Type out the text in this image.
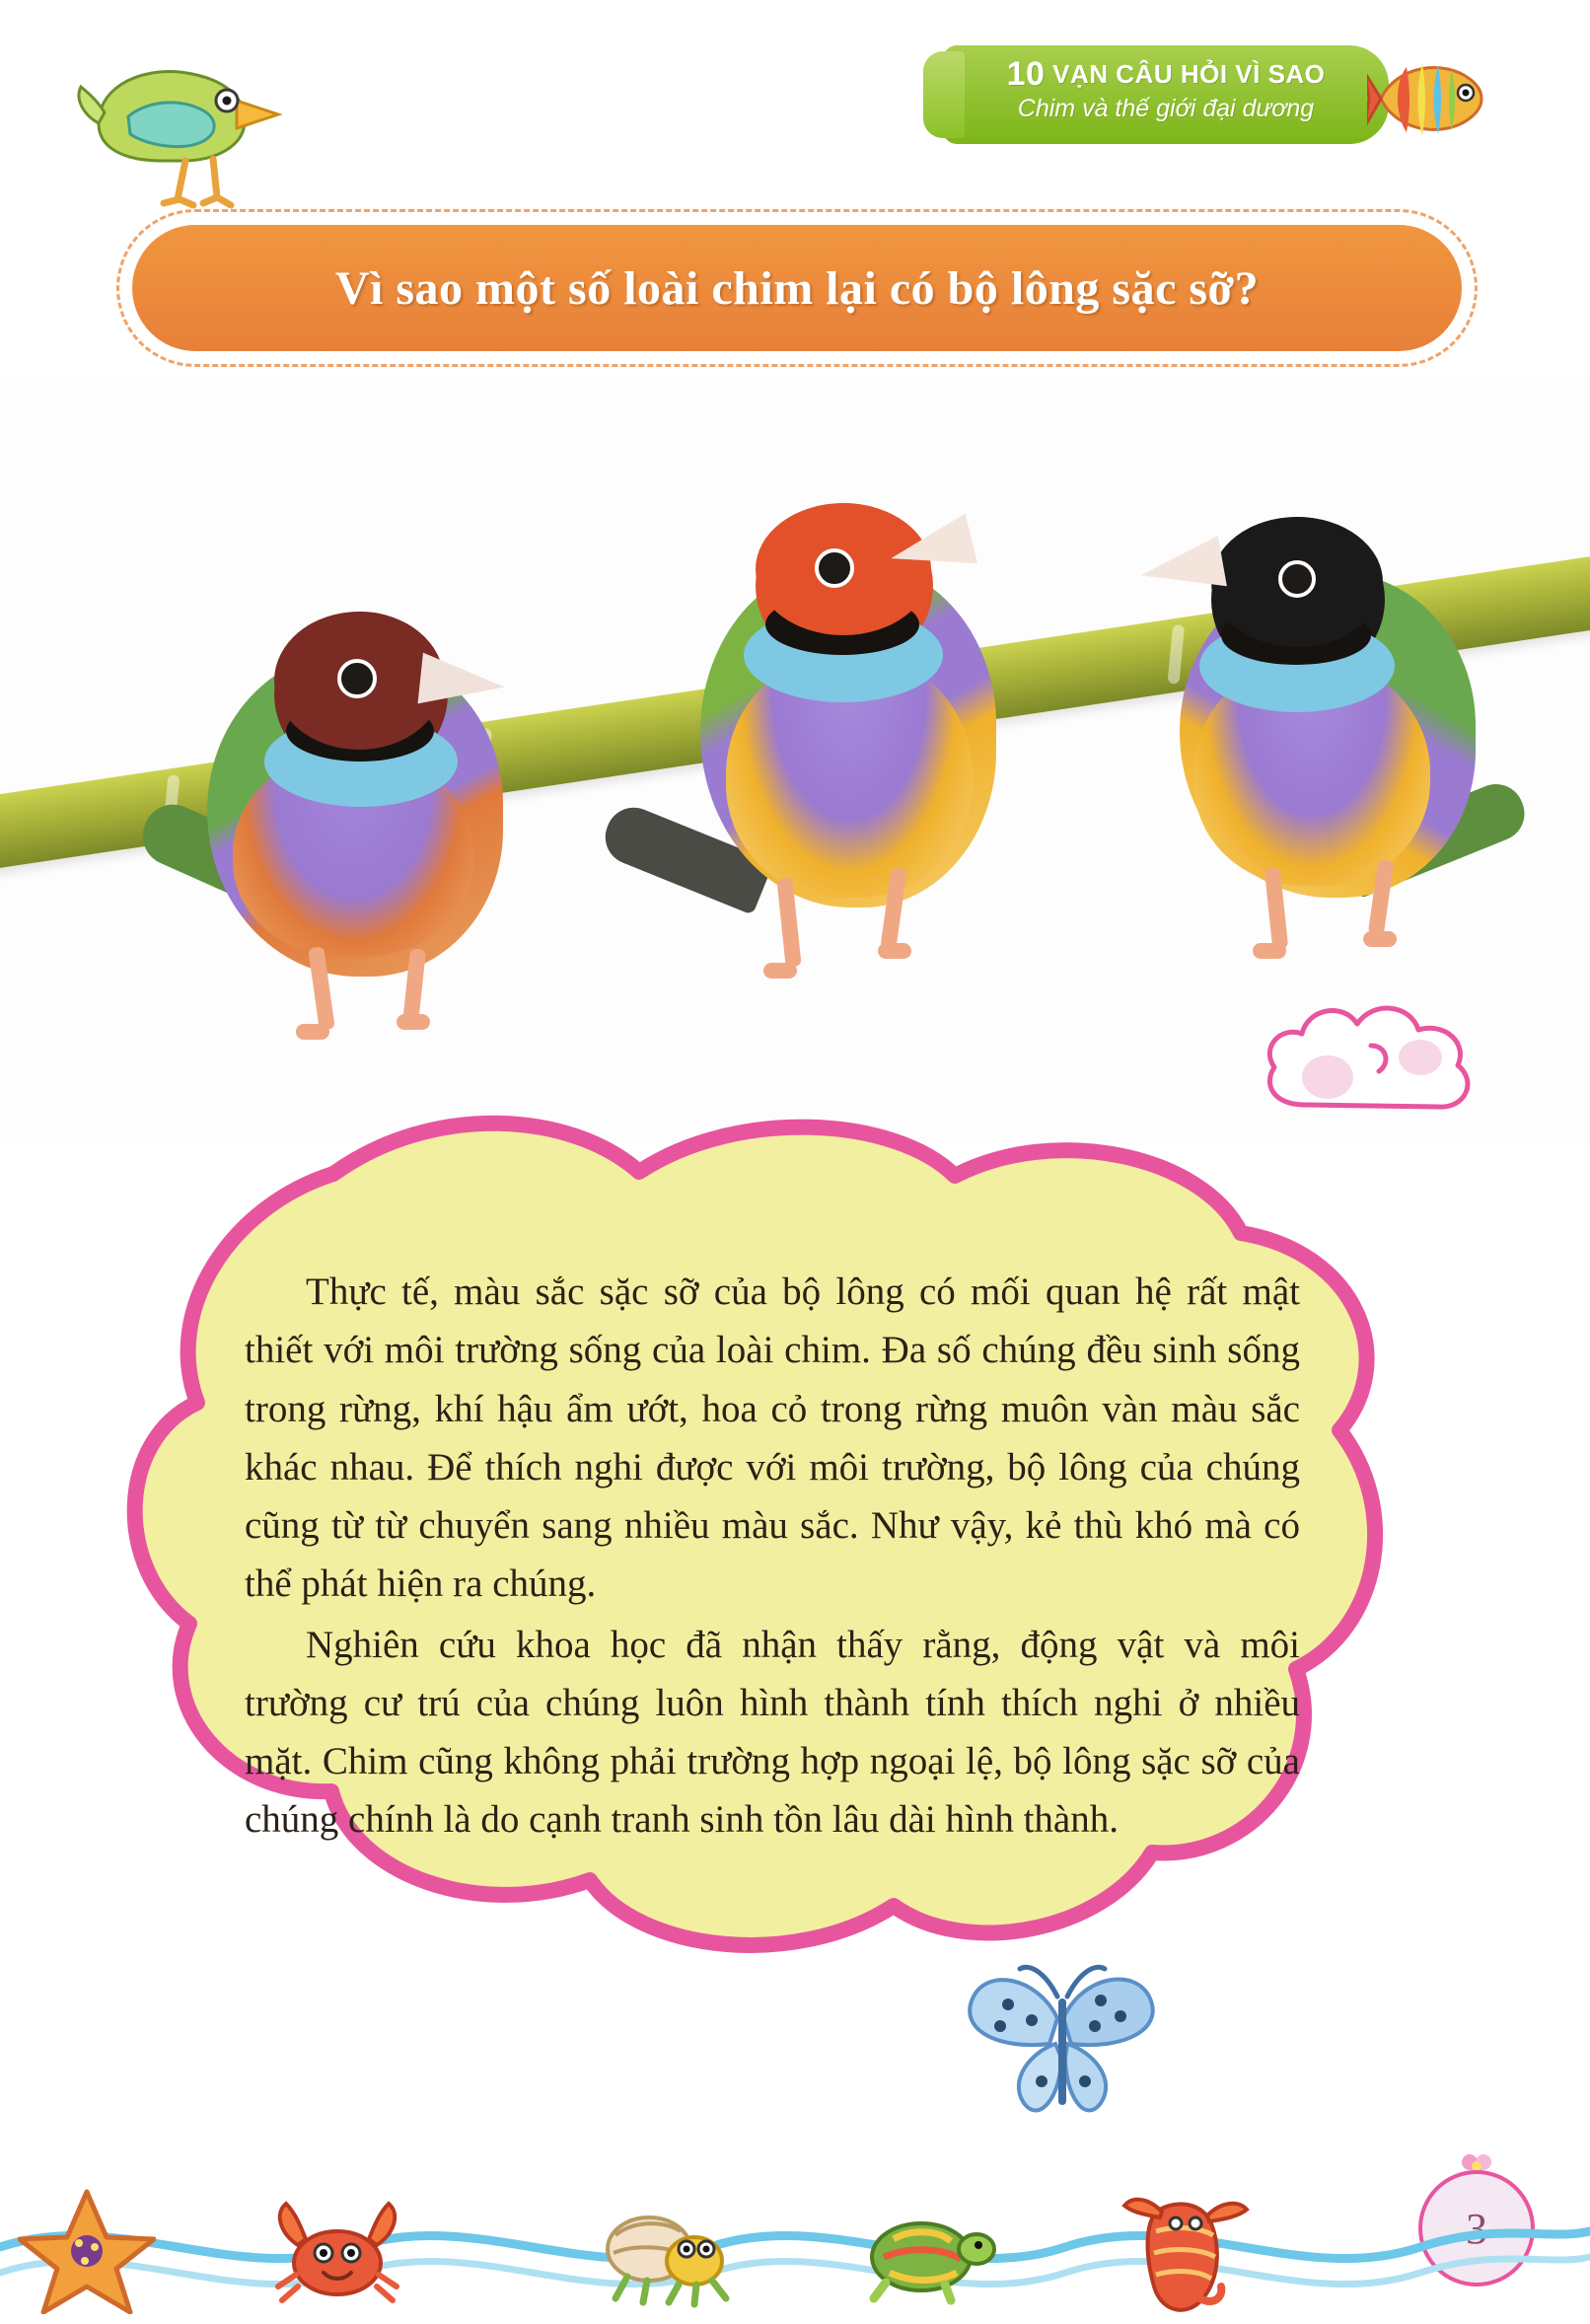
10 VẠN CÂU HỎI VÌ SAO
Chim và thế giới đại dương
Vì sao một số loài chim lại có bộ lông sặc sỡ?

Thực tế, màu sắc sặc sỡ của bộ lông có mối quan hệ rất mật thiết với môi trường sống của loài chim. Đa số chúng đều sinh sống trong rừng, khí hậu ẩm ướt, hoa cỏ trong rừng muôn vàn màu sắc khác nhau. Để thích nghi được với môi trường, bộ lông của chúng cũng từ từ chuyển sang nhiều màu sắc. Như vậy, kẻ thù khó mà có thể phát hiện ra chúng.

Nghiên cứu khoa học đã nhận thấy rằng, động vật và môi trường cư trú của chúng luôn hình thành tính thích nghi ở nhiều mặt. Chim cũng không phải trường hợp ngoại lệ, bộ lông sặc sỡ của chúng chính là do cạnh tranh sinh tồn lâu dài hình thành.

3
